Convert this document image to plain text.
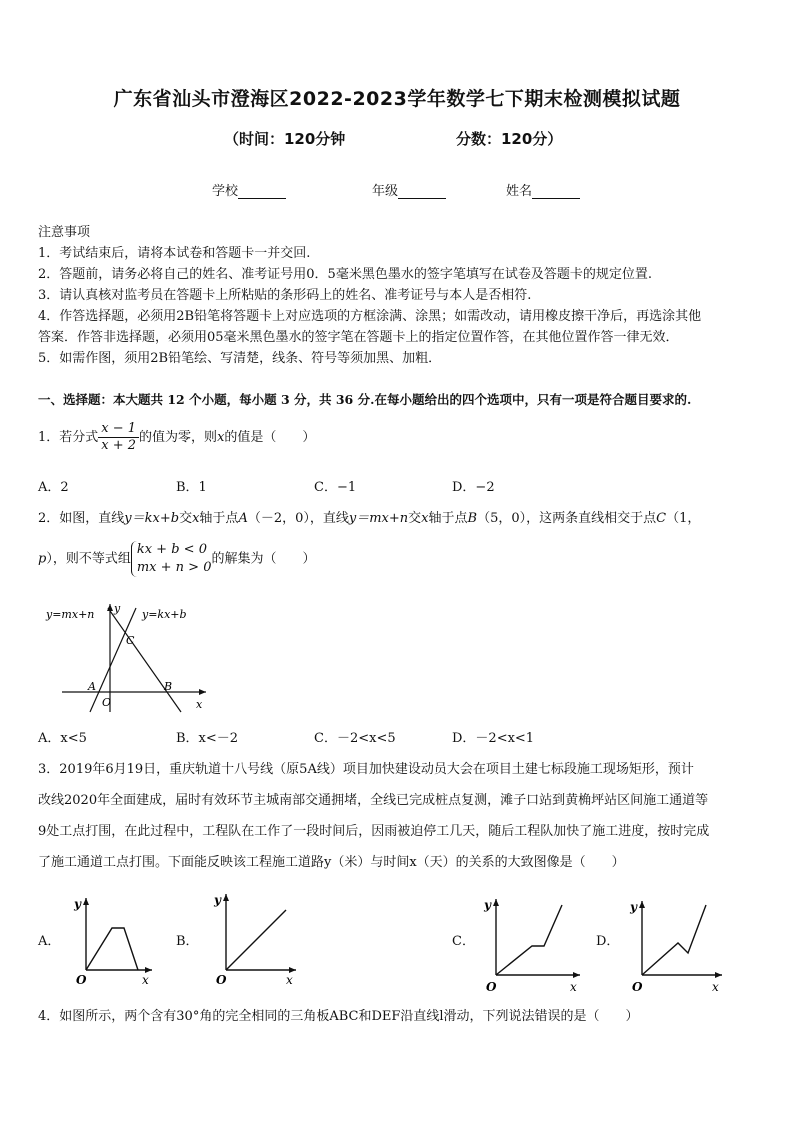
广东省汕头市澄海区2022-2023学年数学七下期末检测模拟试题
（时间：120分钟	分数：120分）
学校	年级	姓名
注意事项
1．考试结束后，请将本试卷和答题卡一并交回.
2．答题前，请务必将自己的姓名、准考证号用0．5毫米黑色墨水的签字笔填写在试卷及答题卡的规定位置.
3．请认真核对监考员在答题卡上所粘贴的条形码上的姓名、准考证号与本人是否相符.
4．作答选择题，必须用2B铅笔将答题卡上对应选项的方框涂满、涂黑；如需改动，请用橡皮擦干净后，再选涂其他
答案．作答非选择题，必须用05毫米黑色墨水的签字笔在答题卡上的指定位置作答，在其他位置作答一律无效．
5．如需作图，须用2B铅笔绘、写清楚，线条、符号等须加黑、加粗．
一、选择题：本大题共 12 个小题，每小题 3 分，共 36 分.在每小题给出的四个选项中，只有一项是符合题目要求的.
1．若分式 $\frac{x - 1}{x + 2}$ 的值为零，则x的值是（　　）
A．2	B．1	C．−1	D．−2
2．如图，直线y＝kx+b交x轴于点A（－2，0），直线y＝mx+n交x轴于点B（5，0），这两条直线相交于点C（1，
p），则不等式组
kx + b < 0
mx + n > 0
的解集为（　　）
y=mx+n	y=kx+b
y
x
O
A	B
C
A．x<5	B．x<－2	C．－2<x<5	D．－2<x<1
3．2019年6月19日，重庆轨道十八号线（原5A线）项目加快建设动员大会在项目土建七标段施工现场矩形，预计
改线2020年全面建成，届时有效环节主城南部交通拥堵，全线已完成桩点复测，滩子口站到黄桷坪站区间施工通道等
9处工点打围，在此过程中，工程队在工作了一段时间后，因雨被迫停工几天，随后工程队加快了施工进度，按时完成
了施工通道工点打围。下面能反映该工程施工道路y（米）与时间x（天）的关系的大致图像是（　　）
A．	B．	C．	D．
y
x
O
y
x
O
y
x
O
y
x
O
4．如图所示，两个含有30°角的完全相同的三角板ABC和DEF沿直线l滑动，下列说法错误的是（　　）
